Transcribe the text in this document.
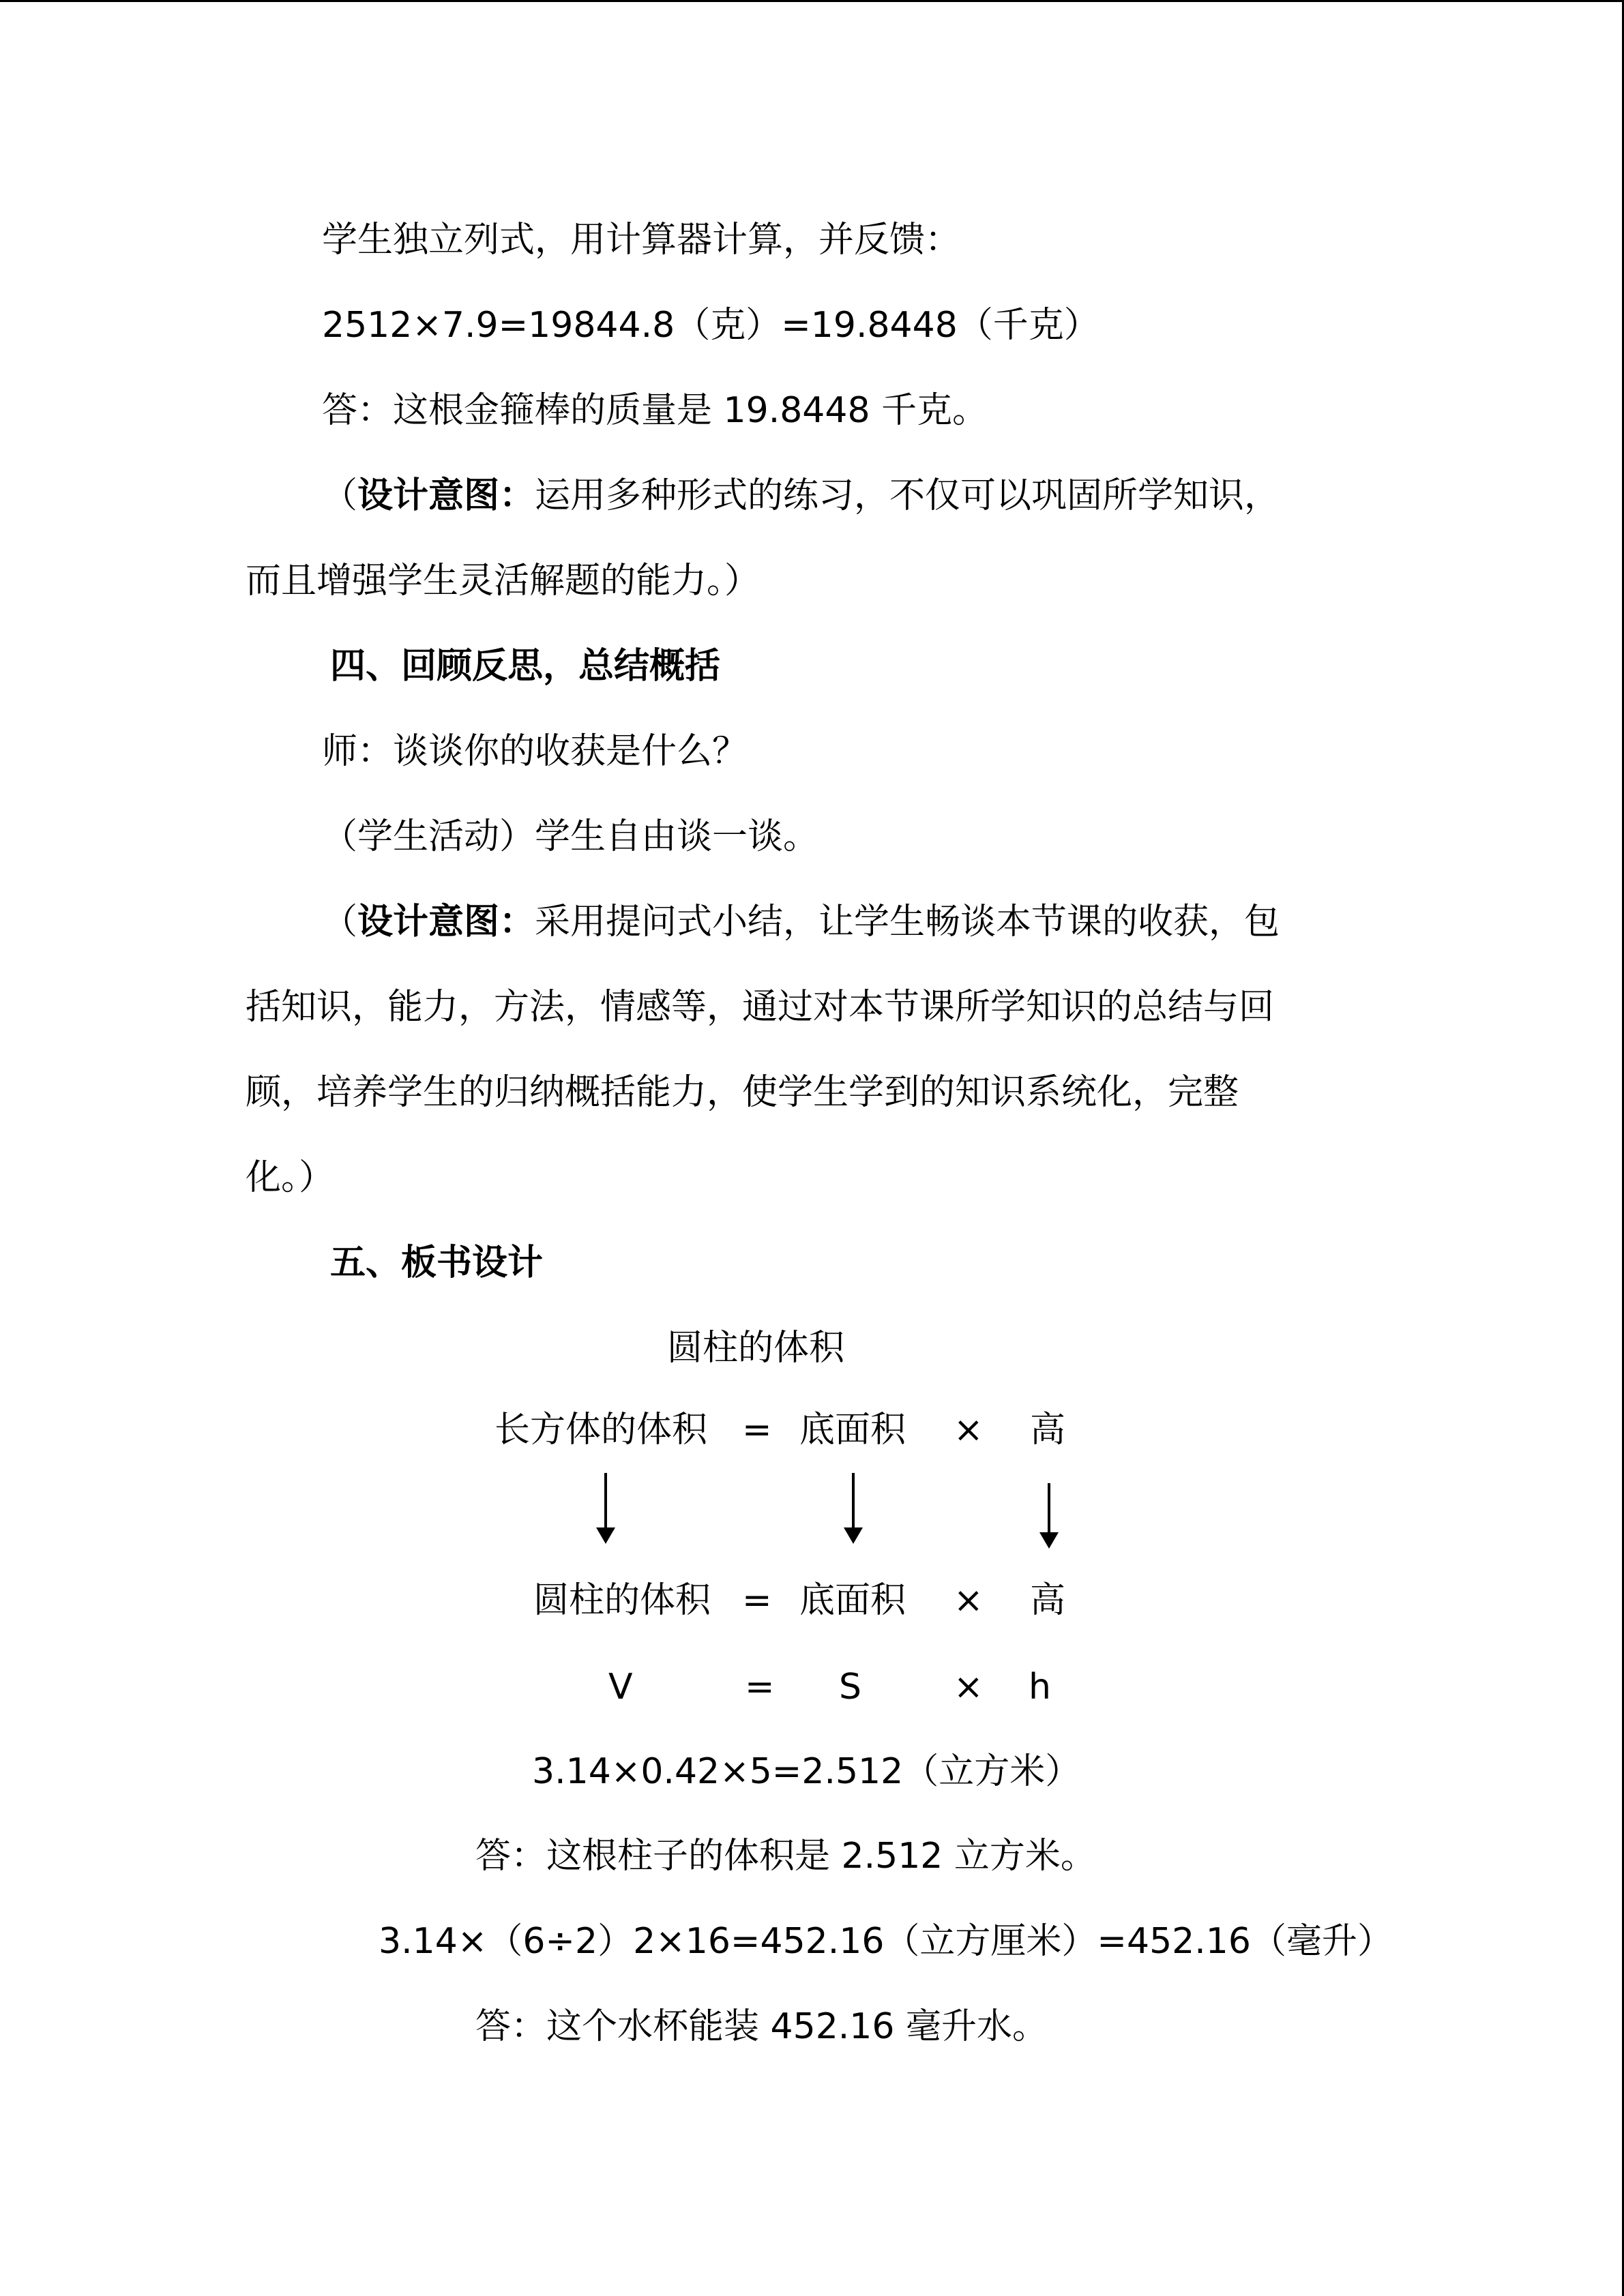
学生独立列式，用计算器计算，并反馈：
2512×7.9=19844.8（克）=19.8448（千克）
答：这根金箍棒的质量是 19.8448 千克。
（设计意图：运用多种形式的练习，不仅可以巩固所学知识，
而且增强学生灵活解题的能力。）
四、回顾反思，总结概括
师：谈谈你的收获是什么？
（学生活动）学生自由谈一谈。
（设计意图：采用提问式小结，让学生畅谈本节课的收获，包
括知识，能力，方法，情感等，通过对本节课所学知识的总结与回
顾，培养学生的归纳概括能力，使学生学到的知识系统化，完整
化。）
五、板书设计
圆柱的体积
长方体的体积 = 底面积 × 高
圆柱的体积 = 底面积 × 高
V	= S	× h
3.14×0.42×5=2.512（立方米）
答：这根柱子的体积是 2.512 立方米。
3.14×（6÷2）2×16=452.16（立方厘米）=452.16（毫升）
答：这个水杯能装 452.16 毫升水。
